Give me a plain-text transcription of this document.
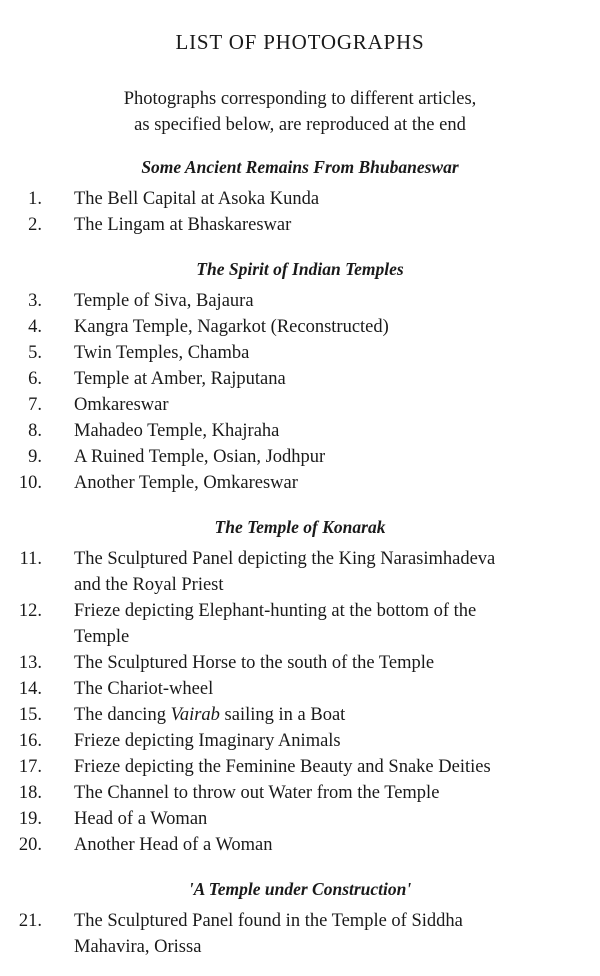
LIST OF PHOTOGRAPHS

Photographs corresponding to different articles,
as specified below, are reproduced at the end

Some Ancient Remains From Bhubaneswar
1. The Bell Capital at Asoka Kunda
2. The Lingam at Bhaskareswar
The Spirit of Indian Temples
3. Temple of Siva, Bajaura
4. Kangra Temple, Nagarkot (Reconstructed)
5. Twin Temples, Chamba
6. Temple at Amber, Rajputana
7. Omkareswar
8. Mahadeo Temple, Khajraha
9. A Ruined Temple, Osian, Jodhpur
10. Another Temple, Omkareswar
The Temple of Konarak
11. The Sculptured Panel depicting the King Narasimhadeva
and the Royal Priest
12. Frieze depicting Elephant-hunting at the bottom of the
Temple
13. The Sculptured Horse to the south of the Temple
14. The Chariot-wheel
15. The dancing Vairab sailing in a Boat
16. Frieze depicting Imaginary Animals
17. Frieze depicting the Feminine Beauty and Snake Deities
18. The Channel to throw out Water from the Temple
19. Head of a Woman
20. Another Head of a Woman
'A Temple under Construction'
21. The Sculptured Panel found in the Temple of Siddha
Mahavira, Orissa
